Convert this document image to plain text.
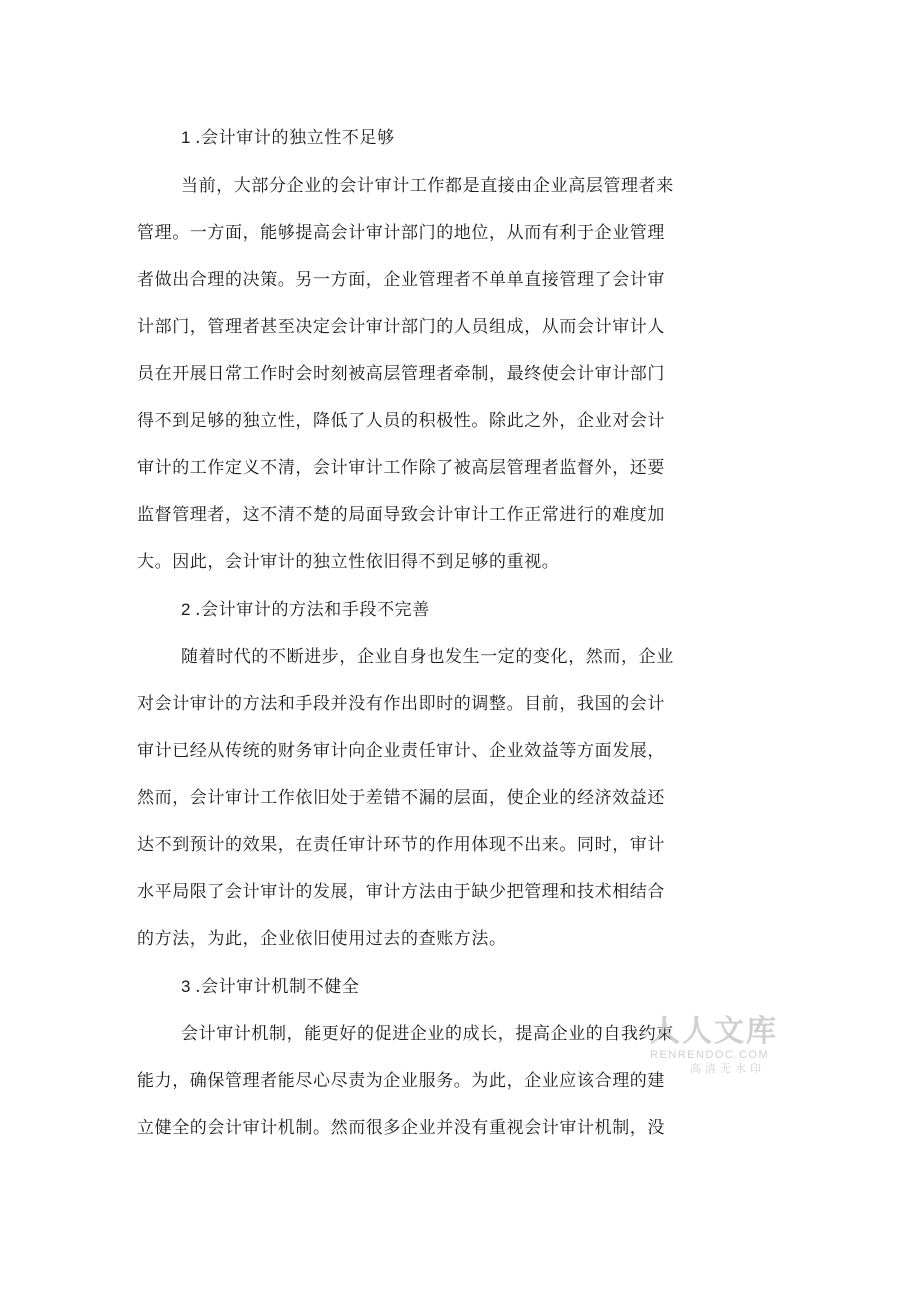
1 .会计审计的独立性不足够
当前，大部分企业的会计审计工作都是直接由企业高层管理者来
管理。一方面，能够提高会计审计部门的地位，从而有利于企业管理
者做出合理的决策。另一方面，企业管理者不单单直接管理了会计审
计部门，管理者甚至决定会计审计部门的人员组成，从而会计审计人
员在开展日常工作时会时刻被高层管理者牵制，最终使会计审计部门
得不到足够的独立性，降低了人员的积极性。除此之外，企业对会计
审计的工作定义不清，会计审计工作除了被高层管理者监督外，还要
监督管理者，这不清不楚的局面导致会计审计工作正常进行的难度加
大。因此，会计审计的独立性依旧得不到足够的重视。
2 .会计审计的方法和手段不完善
随着时代的不断进步，企业自身也发生一定的变化，然而，企业
对会计审计的方法和手段并没有作出即时的调整。目前，我国的会计
审计已经从传统的财务审计向企业责任审计、企业效益等方面发展，
然而，会计审计工作依旧处于差错不漏的层面，使企业的经济效益还
达不到预计的效果，在责任审计环节的作用体现不出来。同时，审计
水平局限了会计审计的发展，审计方法由于缺少把管理和技术相结合
的方法，为此，企业依旧使用过去的查账方法。
3 .会计审计机制不健全
会计审计机制，能更好的促进企业的成长，提高企业的自我约束
能力，确保管理者能尽心尽责为企业服务。为此，企业应该合理的建
立健全的会计审计机制。然而很多企业并没有重视会计审计机制，没
人人文库
RENRENDOC.COM
高清无水印
